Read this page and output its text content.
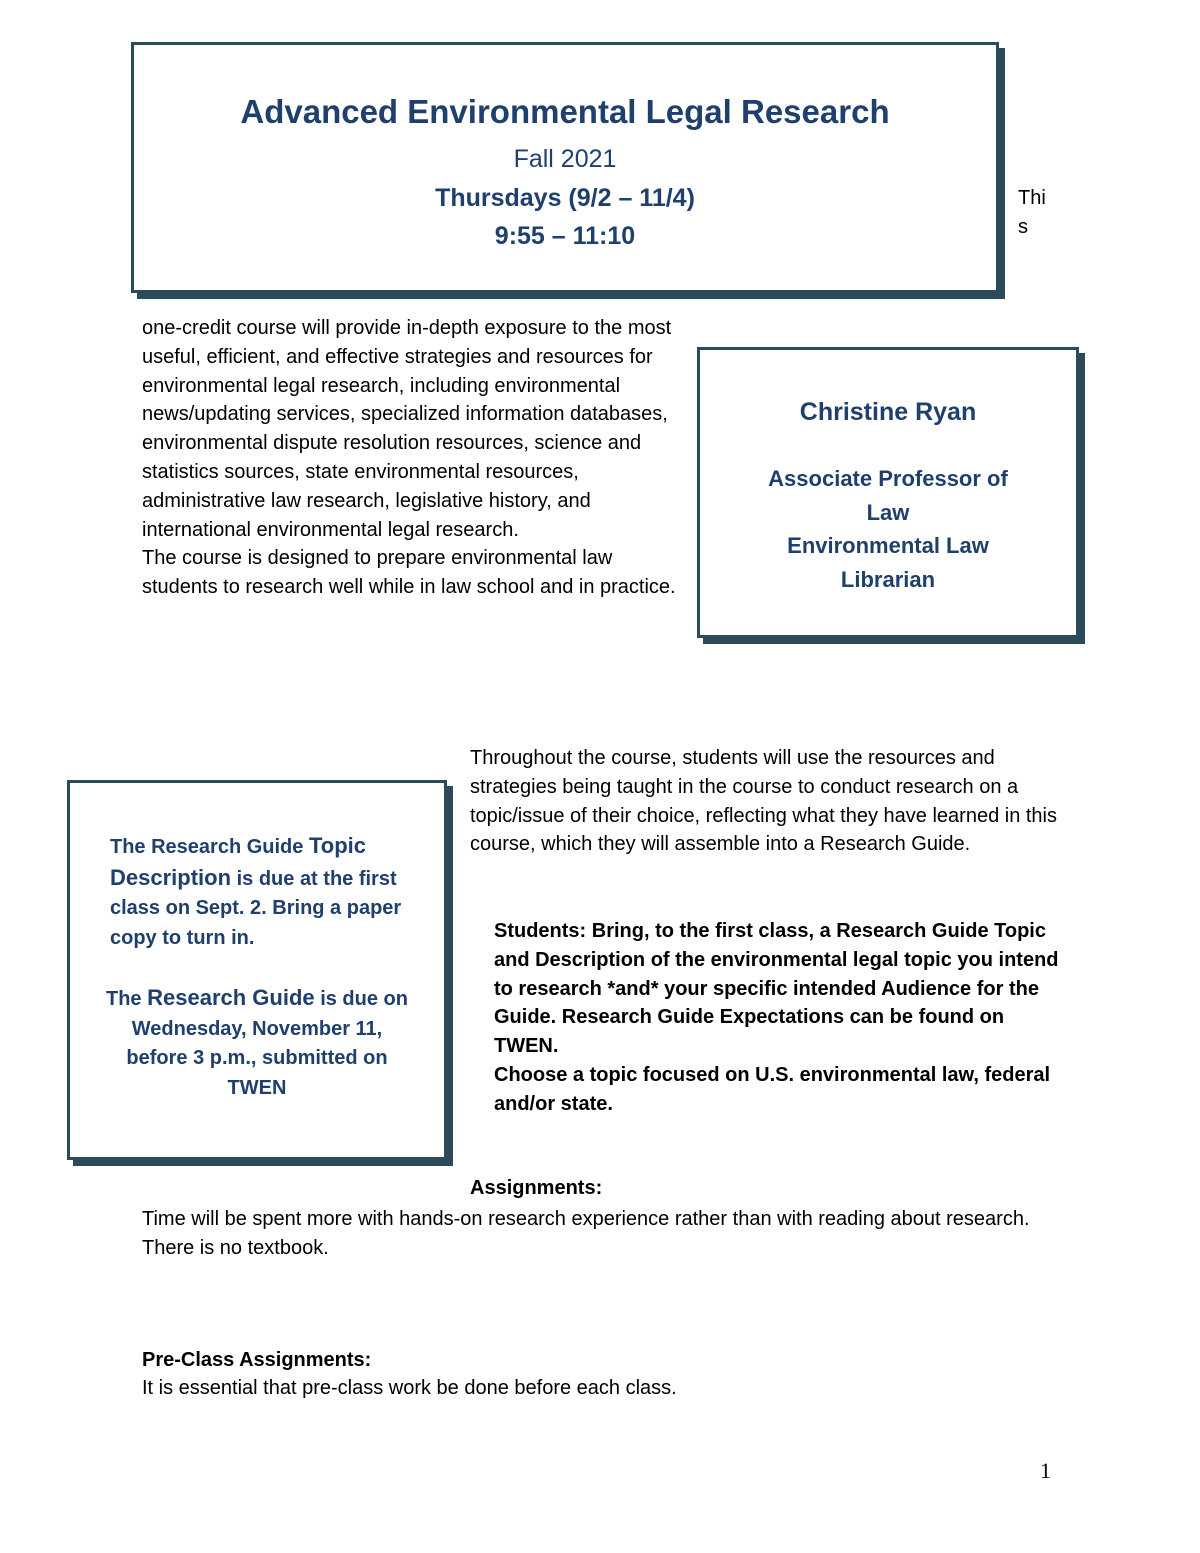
Advanced Environmental Legal Research
Fall 2021
Thursdays (9/2 – 11/4)
9:55 – 11:10
This

one-credit course will provide in-depth exposure to the most useful, efficient, and effective strategies and resources for environmental legal research, including environmental news/updating services, specialized information databases, environmental dispute resolution resources, science and statistics sources, state environmental resources, administrative law research, legislative history, and international environmental legal research.

The course is designed to prepare environmental law students to research well while in law school and in practice.

Christine Ryan
Associate Professor of Law
Environmental Law Librarian
The Research Guide Topic Description is due at the first class on Sept. 2. Bring a paper copy to turn in.
The Research Guide is due on Wednesday, November 11, before 3 p.m., submitted on TWEN

Throughout the course, students will use the resources and strategies being taught in the course to conduct research on a topic/issue of their choice, reflecting what they have learned in this course, which they will assemble into a Research Guide.

Students: Bring, to the first class, a Research Guide Topic and Description of the environmental legal topic you intend to research *and* your specific intended Audience for the Guide. Research Guide Expectations can be found on TWEN.

Choose a topic focused on U.S. environmental law, federal and/or state.

Assignments:

Time will be spent more with hands-on research experience rather than with reading about research. There is no textbook.

Pre-Class Assignments:

It is essential that pre-class work be done before each class.

1
